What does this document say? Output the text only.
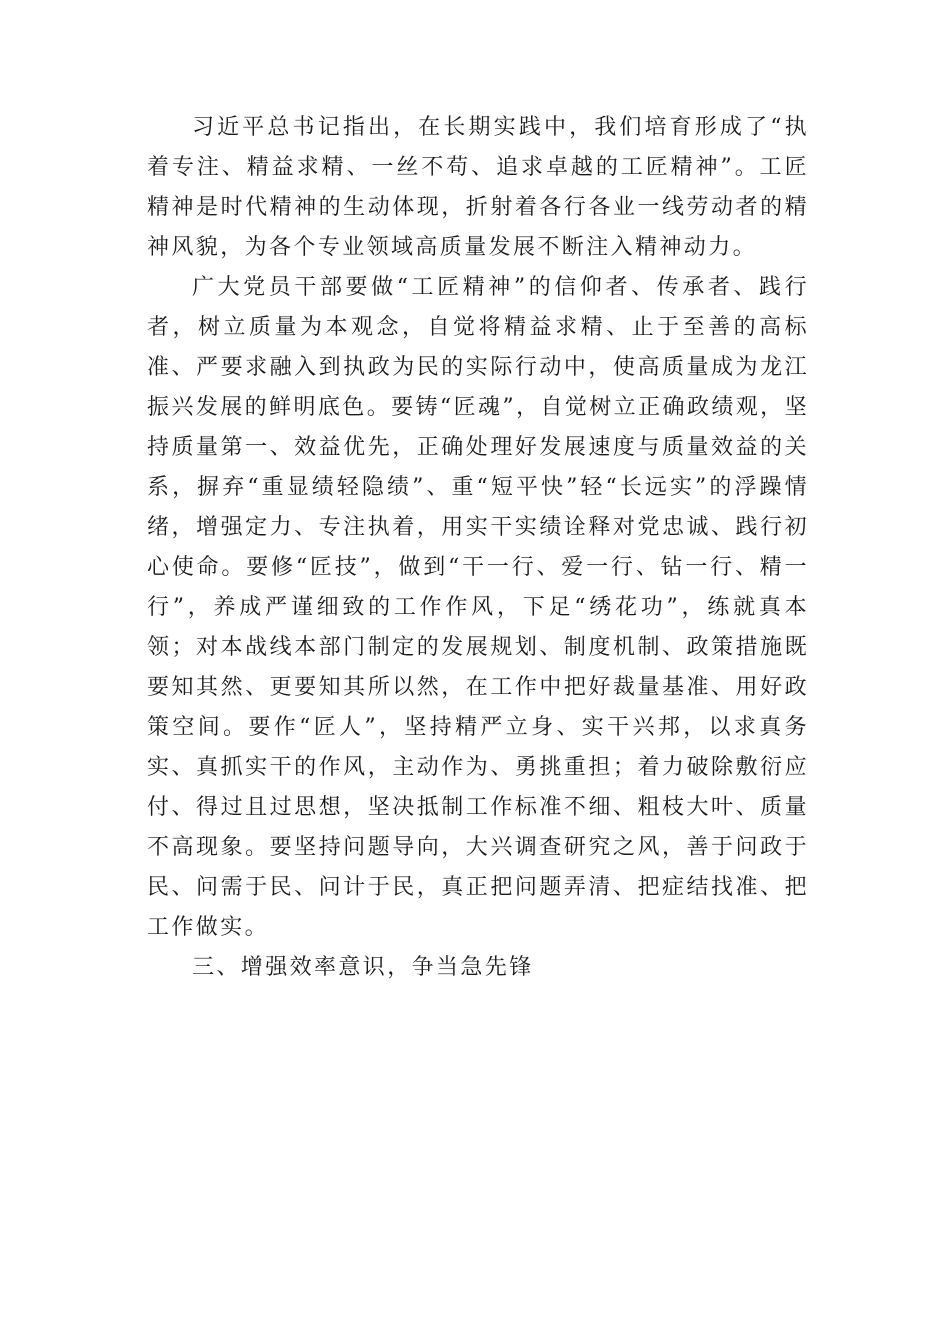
习近平总书记指出，在长期实践中，我们培育形成了“执着专注、精益求精、一丝不苟、追求卓越的工匠精神”。工匠精神是时代精神的生动体现，折射着各行各业一线劳动者的精神风貌，为各个专业领域高质量发展不断注入精神动力。

广大党员干部要做“工匠精神”的信仰者、传承者、践行者，树立质量为本观念，自觉将精益求精、止于至善的高标准、严要求融入到执政为民的实际行动中，使高质量成为龙江振兴发展的鲜明底色。要铸“匠魂”，自觉树立正确政绩观，坚持质量第一、效益优先，正确处理好发展速度与质量效益的关系，摒弃“重显绩轻隐绩”、重“短平快”轻“长远实”的浮躁情绪，增强定力、专注执着，用实干实绩诠释对党忠诚、践行初心使命。要修“匠技”，做到“干一行、爱一行、钻一行、精一行”，养成严谨细致的工作作风，下足“绣花功”，练就真本领；对本战线本部门制定的发展规划、制度机制、政策措施既要知其然、更要知其所以然，在工作中把好裁量基准、用好政策空间。要作“匠人”，坚持精严立身、实干兴邦，以求真务实、真抓实干的作风，主动作为、勇挑重担；着力破除敷衍应付、得过且过思想，坚决抵制工作标准不细、粗枝大叶、质量不高现象。要坚持问题导向，大兴调查研究之风，善于问政于民、问需于民、问计于民，真正把问题弄清、把症结找准、把工作做实。

三、增强效率意识，争当急先锋
